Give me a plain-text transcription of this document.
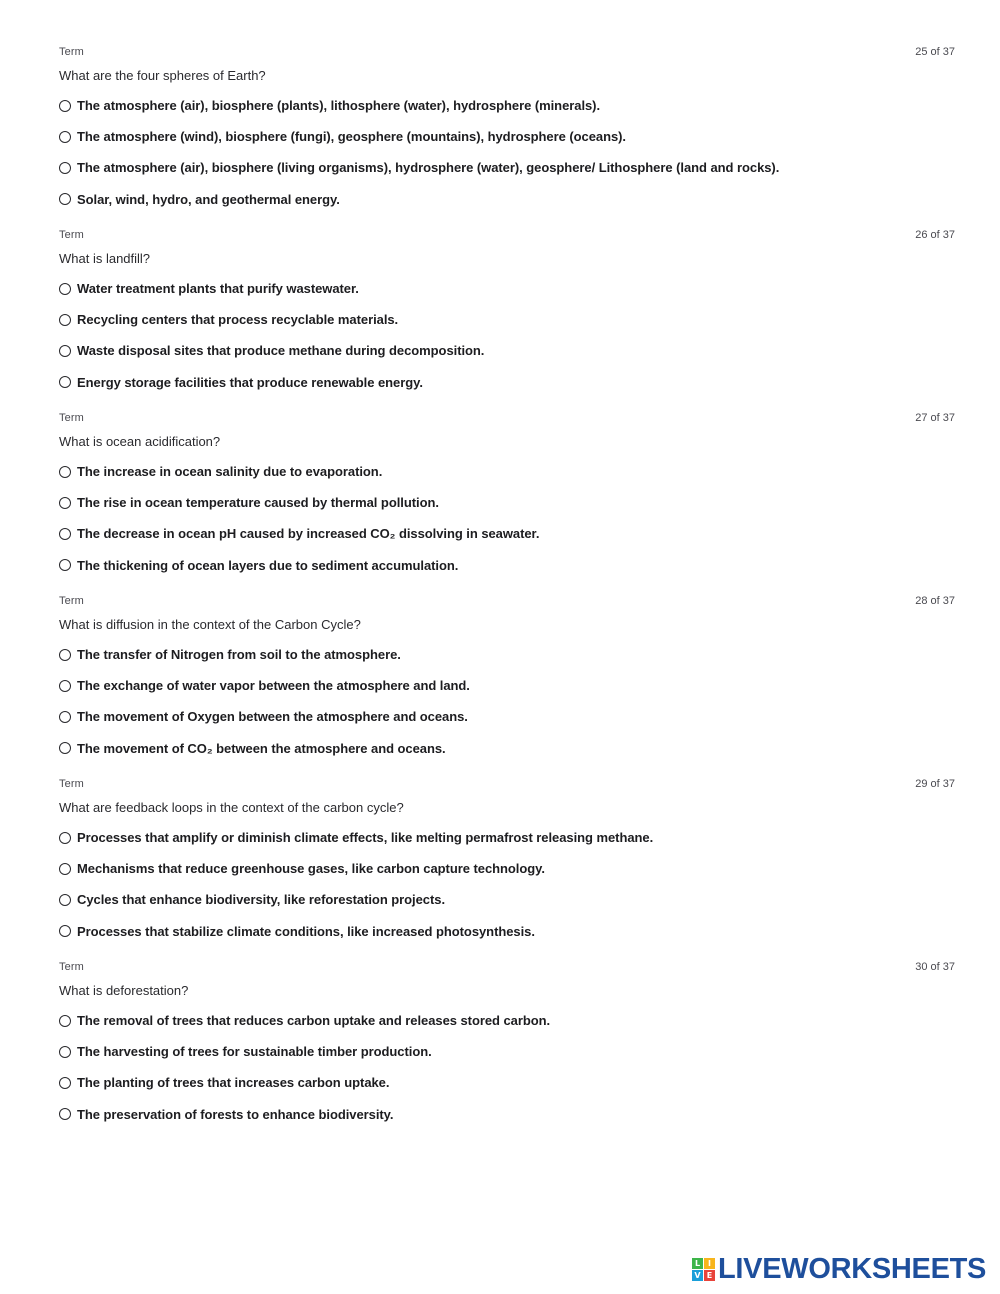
Term	25 of 37
What are the four spheres of Earth?
The atmosphere (air), biosphere (plants), lithosphere (water), hydrosphere (minerals).
The atmosphere (wind), biosphere (fungi), geosphere (mountains), hydrosphere (oceans).
The atmosphere (air), biosphere (living organisms), hydrosphere (water), geosphere/ Lithosphere (land and rocks).
Solar, wind, hydro, and geothermal energy.
Term	26 of 37
What is landfill?
Water treatment plants that purify wastewater.
Recycling centers that process recyclable materials.
Waste disposal sites that produce methane during decomposition.
Energy storage facilities that produce renewable energy.
Term	27 of 37
What is ocean acidification?
The increase in ocean salinity due to evaporation.
The rise in ocean temperature caused by thermal pollution.
The decrease in ocean pH caused by increased CO₂ dissolving in seawater.
The thickening of ocean layers due to sediment accumulation.
Term	28 of 37
What is diffusion in the context of the Carbon Cycle?
The transfer of Nitrogen from soil to the atmosphere.
The exchange of water vapor between the atmosphere and land.
The movement of Oxygen between the atmosphere and oceans.
The movement of CO₂ between the atmosphere and oceans.
Term	29 of 37
What are feedback loops in the context of the carbon cycle?
Processes that amplify or diminish climate effects, like melting permafrost releasing methane.
Mechanisms that reduce greenhouse gases, like carbon capture technology.
Cycles that enhance biodiversity, like reforestation projects.
Processes that stabilize climate conditions, like increased photosynthesis.
Term	30 of 37
What is deforestation?
The removal of trees that reduces carbon uptake and releases stored carbon.
The harvesting of trees for sustainable timber production.
The planting of trees that increases carbon uptake.
The preservation of forests to enhance biodiversity.
L I
V E LIVEWORKSHEETS
